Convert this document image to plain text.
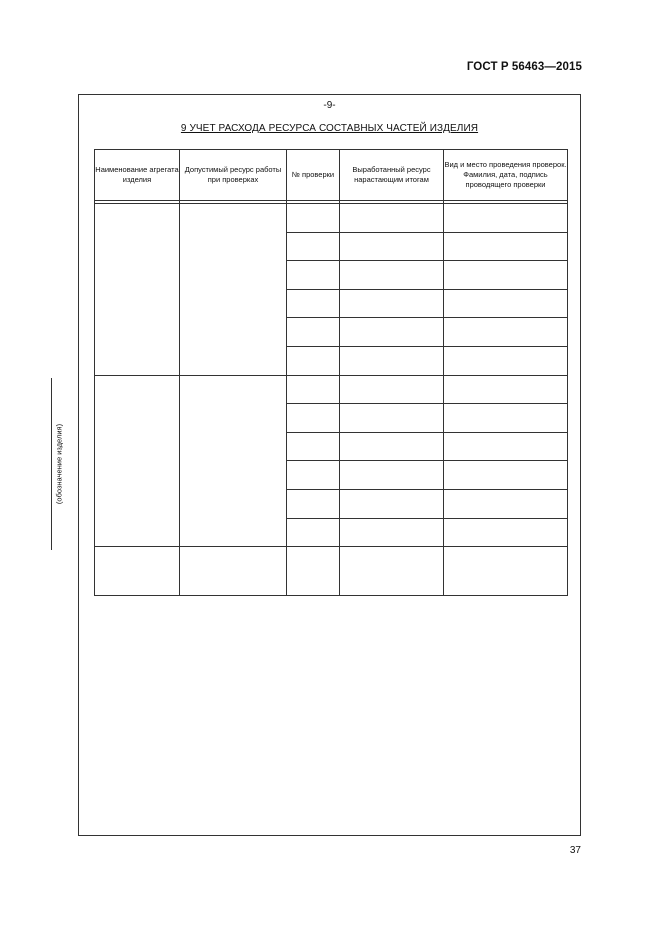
ГОСТ Р 56463—2015
(обозначение изделия)
-9-
9 УЧЕТ РАСХОДА РЕСУРСА СОСТАВНЫХ ЧАСТЕЙ ИЗДЕЛИЯ
Наименование агрегата изделия	Допустимый ресурс работы при проверках	№ проверки	Выработанный ресурс нарастающим итогам	Вид и место проведения проверок. Фамилия, дата, подпись проводящего проверки

37
